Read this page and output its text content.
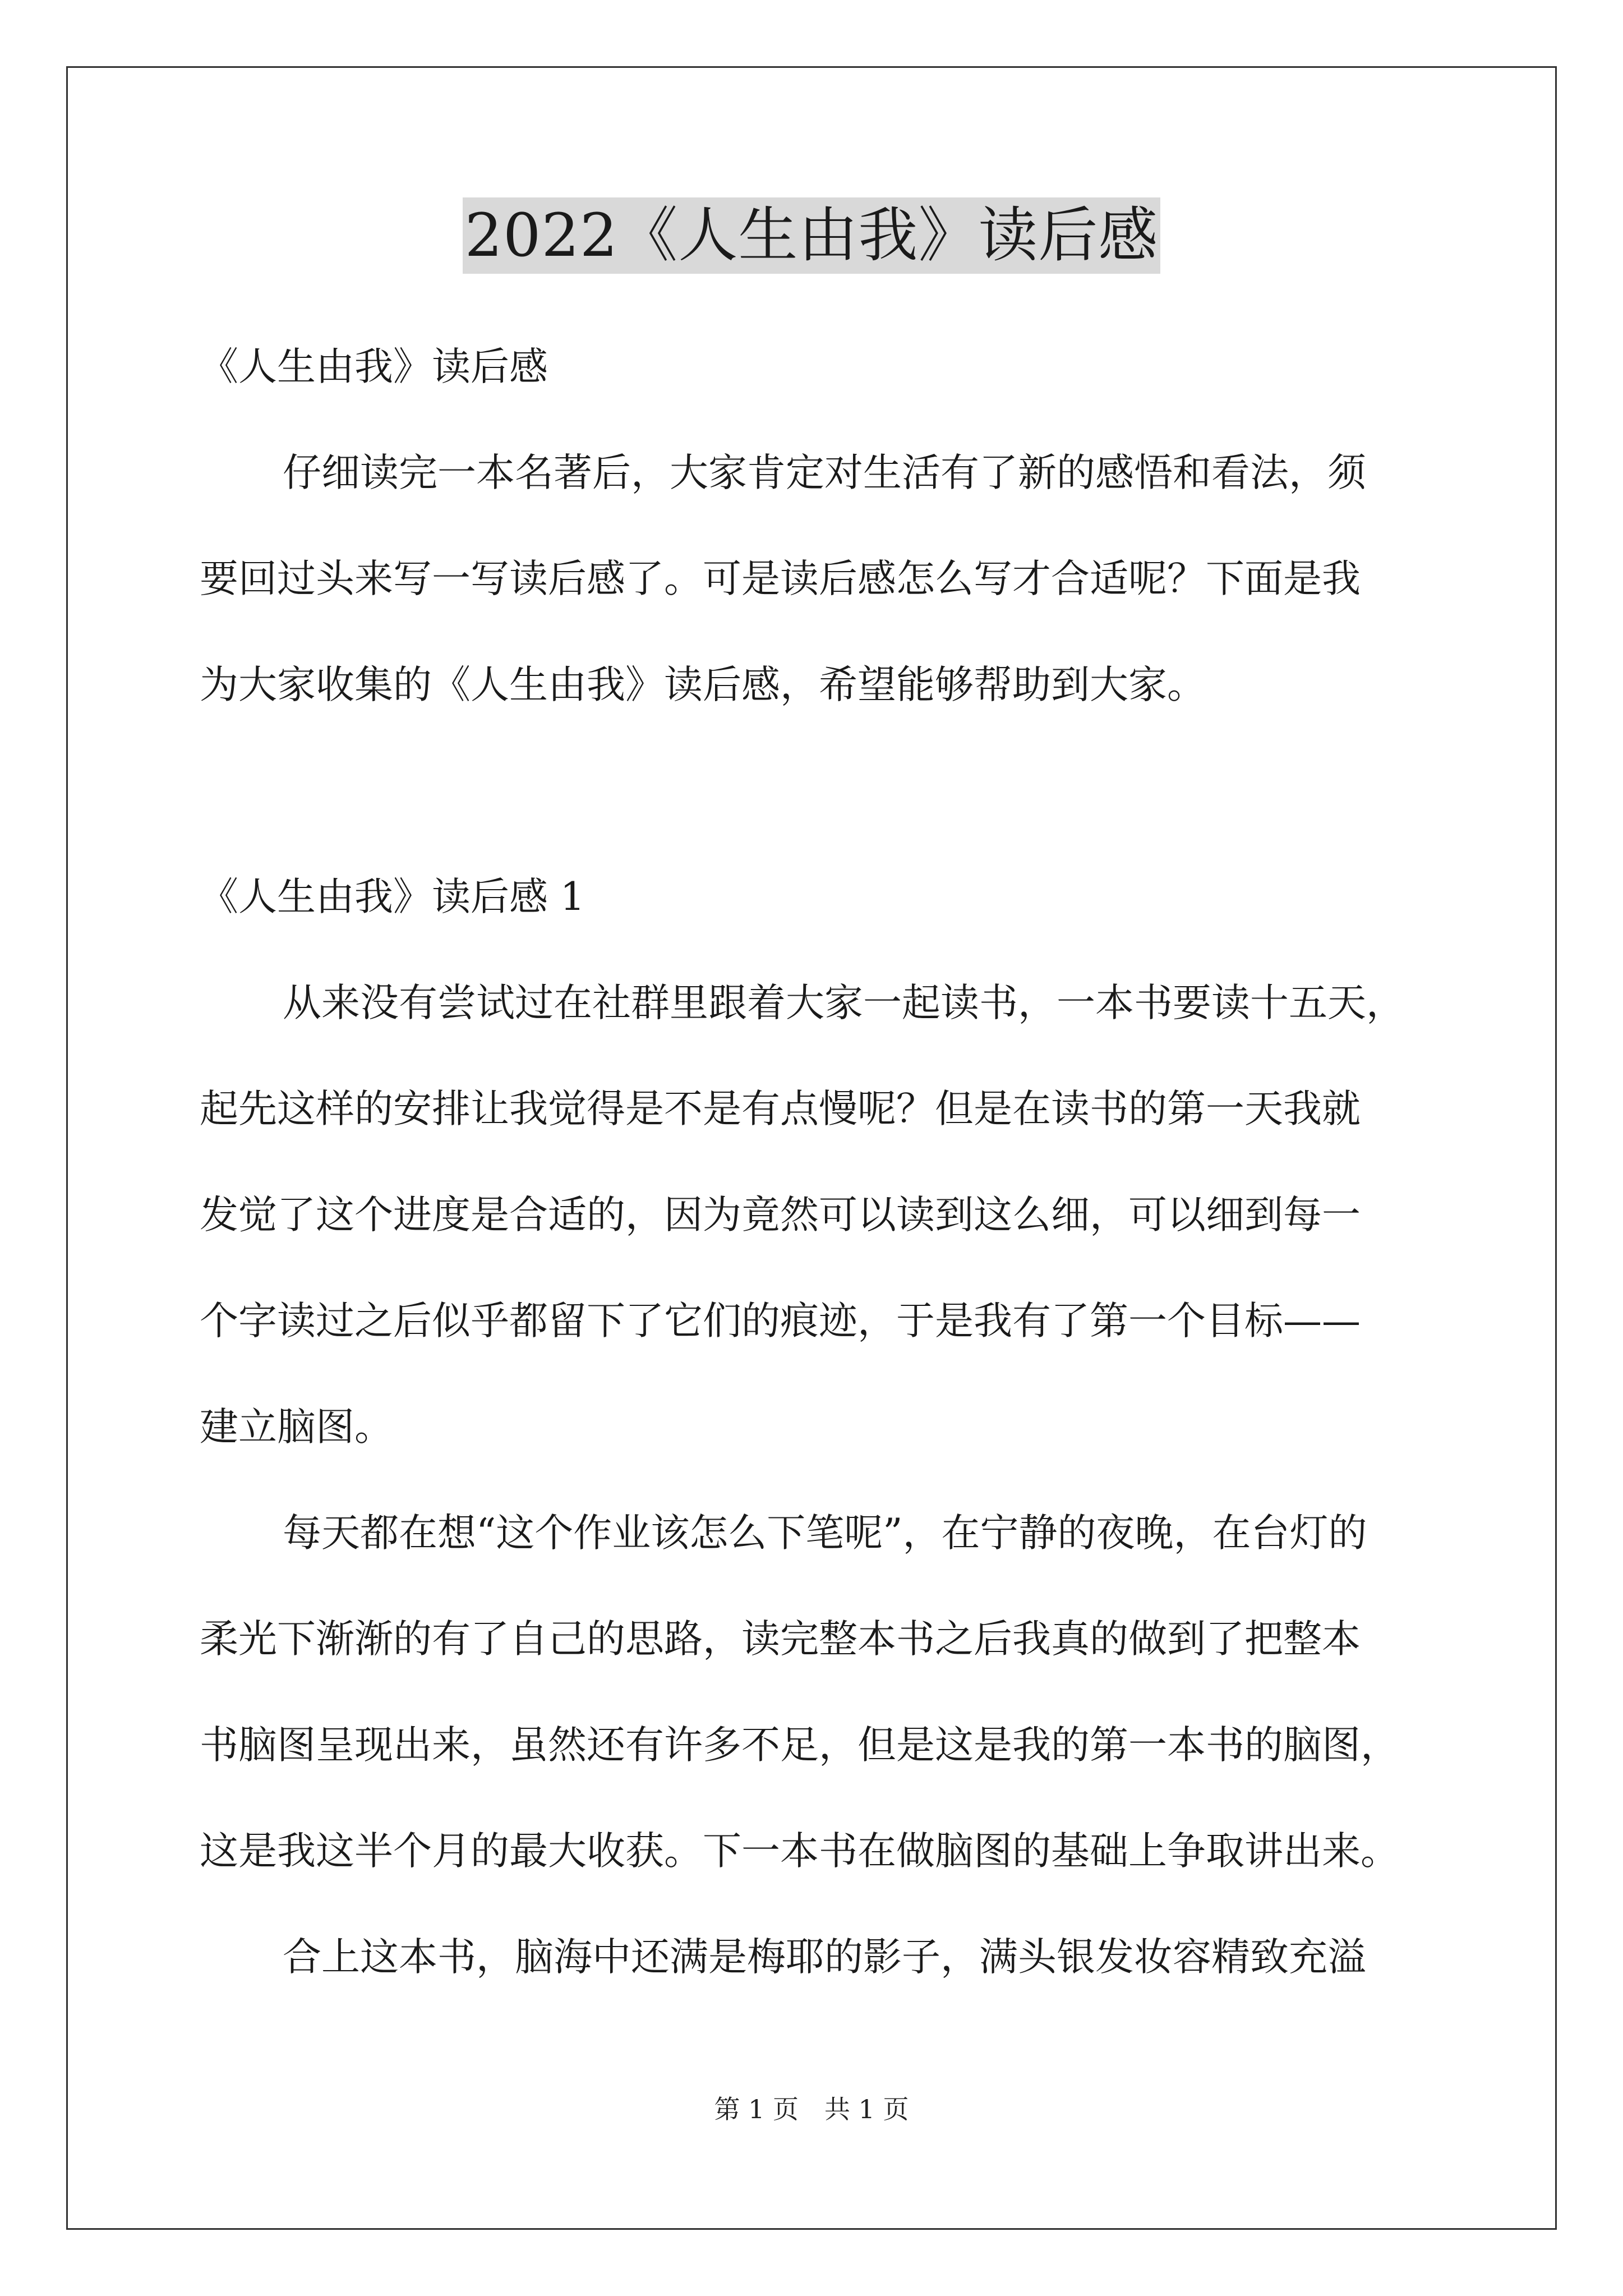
2022《人生由我》读后感
《人生由我》读后感
仔细读完一本名著后，大家肯定对生活有了新的感悟和看法，须
要回过头来写一写读后感了。可是读后感怎么写才合适呢？下面是我
为大家收集的《人生由我》读后感，希望能够帮助到大家。
《人生由我》读后感 1
从来没有尝试过在社群里跟着大家一起读书，一本书要读十五天，
起先这样的安排让我觉得是不是有点慢呢？但是在读书的第一天我就
发觉了这个进度是合适的，因为竟然可以读到这么细，可以细到每一
个字读过之后似乎都留下了它们的痕迹，于是我有了第一个目标——
建立脑图。
每天都在想“这个作业该怎么下笔呢”，在宁静的夜晚，在台灯的
柔光下渐渐的有了自己的思路，读完整本书之后我真的做到了把整本
书脑图呈现出来，虽然还有许多不足，但是这是我的第一本书的脑图，
这是我这半个月的最大收获。下一本书在做脑图的基础上争取讲出来。
合上这本书，脑海中还满是梅耶的影子，满头银发妆容精致充溢
第 1 页　共 1 页
